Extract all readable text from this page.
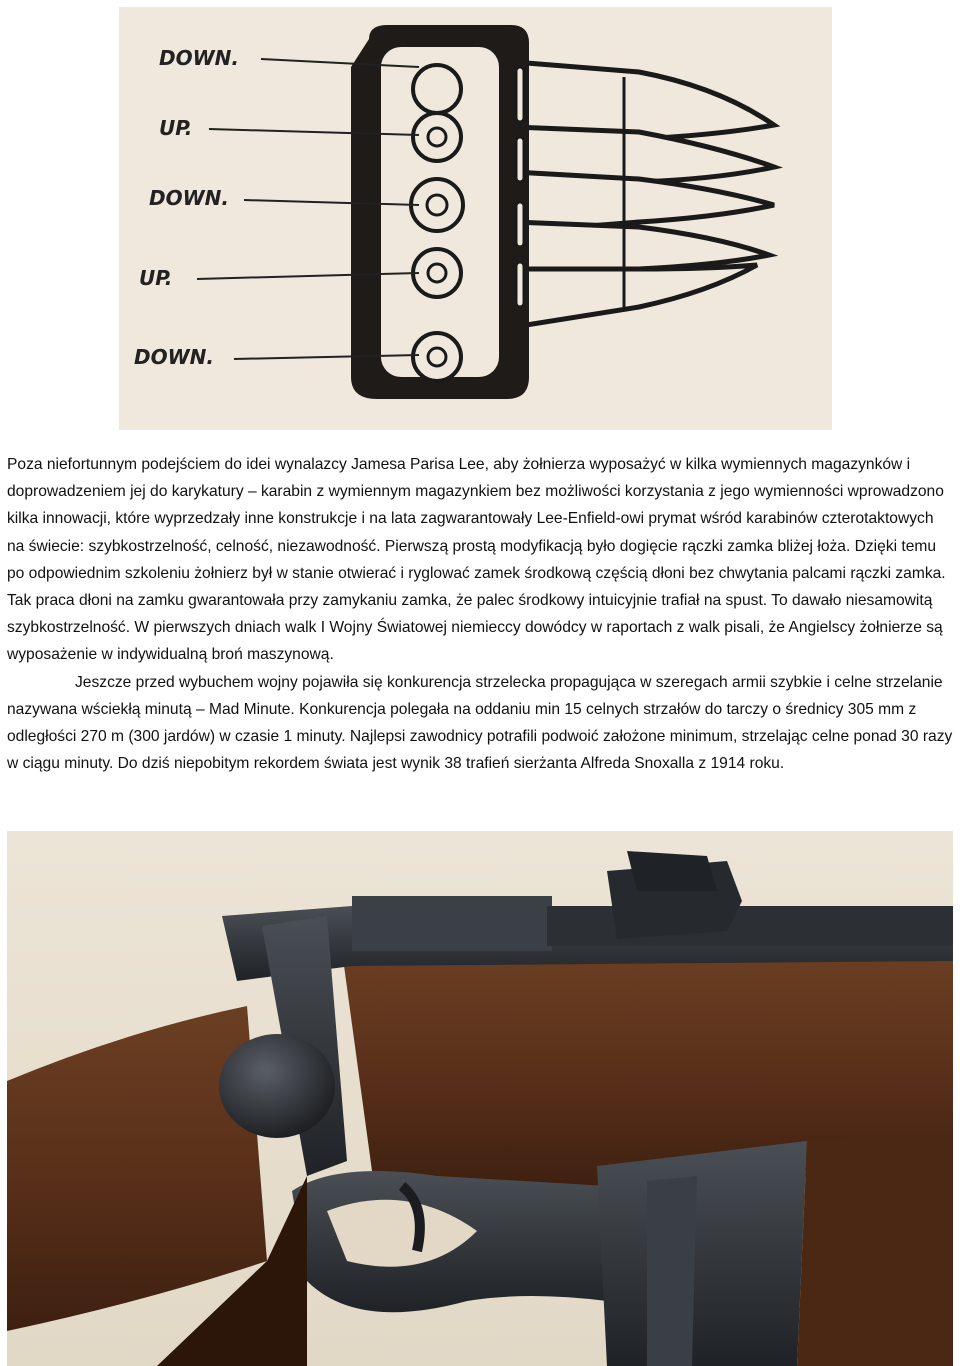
DOWN.
UP.
DOWN.
UP.
DOWN.

Poza niefortunnym podejściem do idei wynalazcy Jamesa Parisa Lee, aby żołnierza wyposażyć w kilka wymiennych magazynków i doprowadzeniem jej do karykatury – karabin z wymiennym magazynkiem bez możliwości korzystania z jego wymienności wprowadzono kilka innowacji, które wyprzedzały inne konstrukcje i na lata zagwarantowały Lee-Enfield-owi prymat wśród karabinów czterotaktowych na świecie: szybkostrzelność, celność, niezawodność. Pierwszą prostą modyfikacją było dogięcie rączki zamka bliżej łoża. Dzięki temu po odpowiednim szkoleniu żołnierz był w stanie otwierać i ryglować zamek środkową częścią dłoni bez chwytania palcami rączki zamka. Tak praca dłoni na zamku gwarantowała przy zamykaniu zamka, że palec środkowy intuicyjnie trafiał na spust. To dawało niesamowitą szybkostrzelność. W pierwszych dniach walk I Wojny Światowej niemieccy dowódcy w raportach z walk pisali, że Angielscy żołnierze są wyposażenie w indywidualną broń maszynową.

Jeszcze przed wybuchem wojny pojawiła się konkurencja strzelecka propagująca w szeregach armii szybkie i celne strzelanie nazywana wściekłą minutą – Mad Minute. Konkurencja polegała na oddaniu min 15 celnych strzałów do tarczy o średnicy 305 mm z odległości 270 m (300 jardów) w czasie 1 minuty. Najlepsi zawodnicy potrafili podwoić założone minimum, strzelając celne ponad 30 razy w ciągu minuty. Do dziś niepobitym rekordem świata jest wynik 38 trafień sierżanta Alfreda Snoxalla z 1914 roku.
